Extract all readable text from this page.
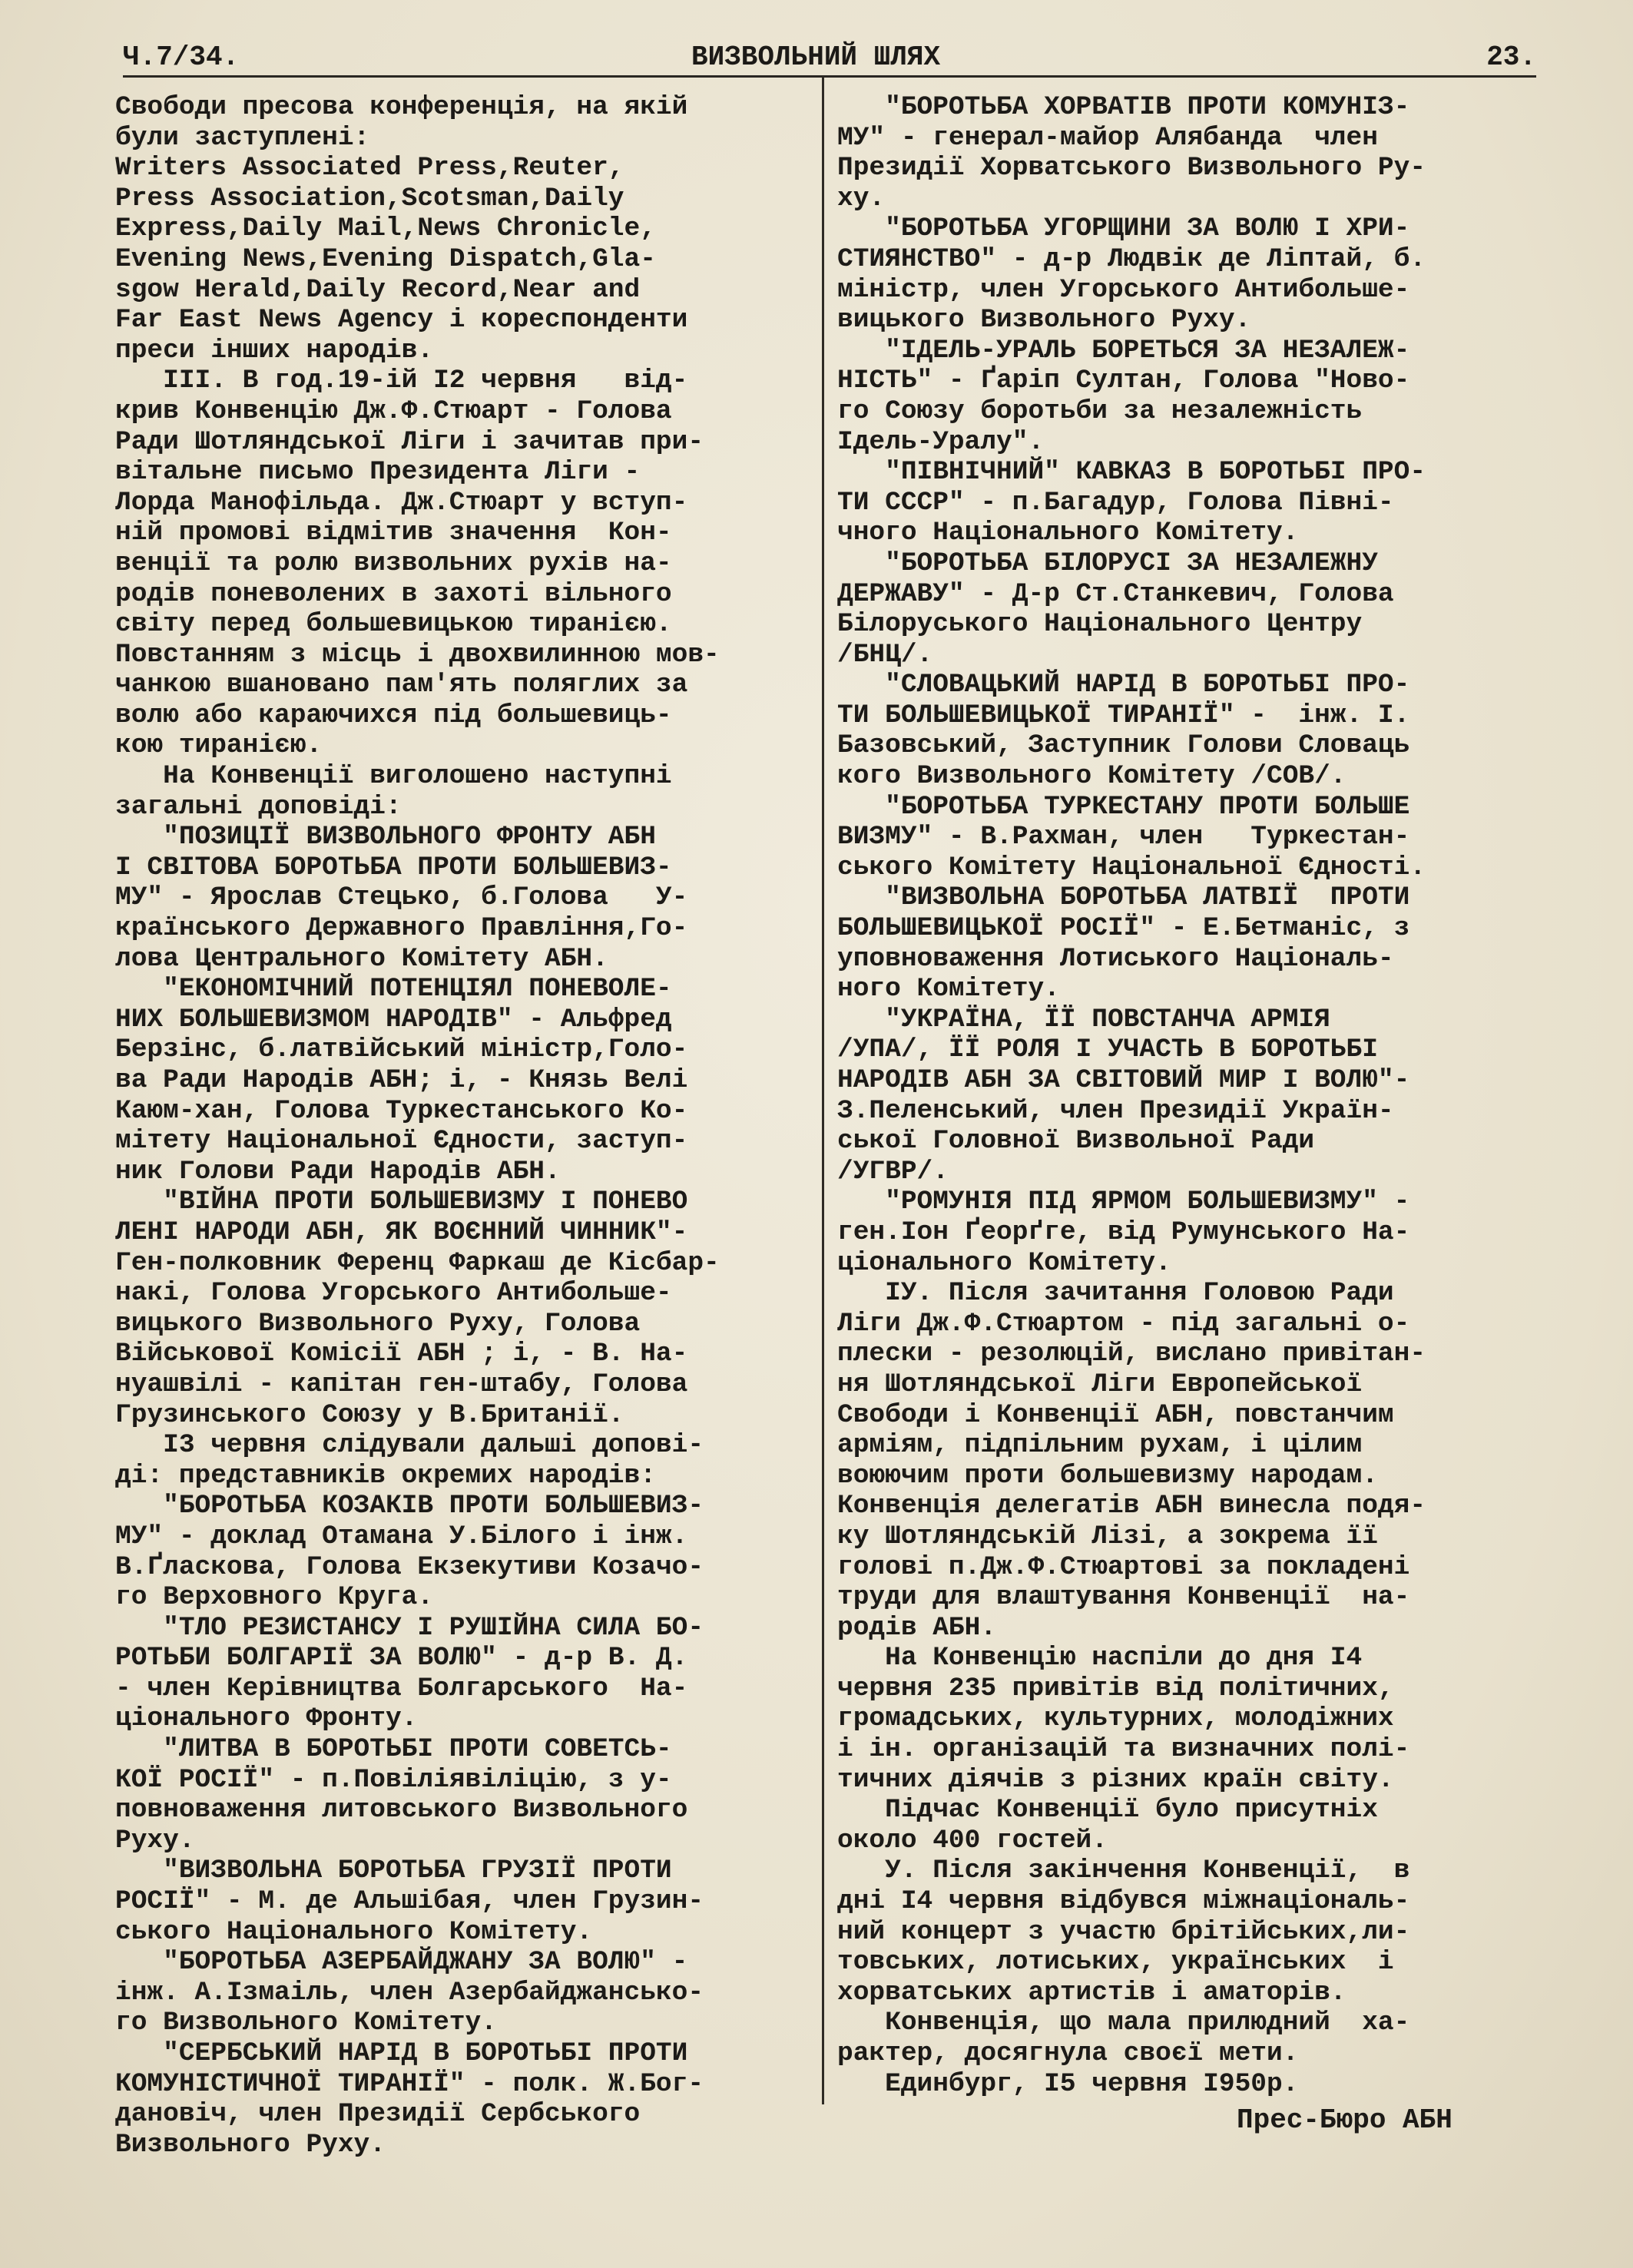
Ч.7/34.	ВИЗВОЛЬНИЙ ШЛЯХ	23.

Свободи пресова конференція, на якій

були заступлені:

Writers Associated Press,Reuter,

Press Association,Scotsman,Daily

Express,Daily Mail,News Chronicle,

Evening News,Evening Dispatch,Gla-

sgow Herald,Daily Record,Near and

Far East News Agency і кореспонденти

преси інших народів.

ІІІ. В год.19-ій І2 червня   від-

крив Конвенцію Дж.Ф.Стюарт - Голова

Ради Шотляндської Ліги і зачитав при-

вітальне письмо Президента Ліги -

Лорда Манофільда. Дж.Стюарт у вступ-

ній промові відмітив значення  Кон-

венції та ролю визвольних рухів на-

родів поневолених в захоті вільного

світу перед большевицькою тиранією.

Повстанням з місць і двохвилинною мов-

чанкою вшановано пам'ять поляглих за

волю або караючихся під большевиць-

кою тиранією.

На Конвенції виголошено наступні

загальні доповіді:

"ПОЗИЦІЇ ВИЗВОЛЬНОГО ФРОНТУ АБН

І СВІТОВА БОРОТЬБА ПРОТИ БОЛЬШЕВИЗ-

МУ" - Ярослав Стецько, б.Голова   У-

країнського Державного Правління,Го-

лова Центрального Комітету АБН.

"ЕКОНОМІЧНИЙ ПОТЕНЦІЯЛ ПОНЕВОЛЕ-

НИХ БОЛЬШЕВИЗМОМ НАРОДІВ" - Альфред

Берзінс, б.латвійський міністр,Голо-

ва Ради Народів АБН; і, - Князь Велі

Каюм-хан, Голова Туркестанського Ко-

мітету Національної Єдности, заступ-

ник Голови Ради Народів АБН.

"ВІЙНА ПРОТИ БОЛЬШЕВИЗМУ І ПОНЕВО

ЛЕНІ НАРОДИ АБН, ЯК ВОЄННИЙ ЧИННИК"-

Ген-полковник Ференц Фаркаш де Кісбар-

накі, Голова Угорського Антибольше-

вицького Визвольного Руху, Голова

Військової Комісії АБН ; і, - В. На-

нуашвілі - капітан ген-штабу, Голова

Грузинського Союзу у В.Британії.

І3 червня слідували дальші допові-

ді: представників окремих народів:

"БОРОТЬБА КОЗАКІВ ПРОТИ БОЛЬШЕВИЗ-

МУ" - доклад Отамана У.Білого і інж.

В.Ґлаcкова, Голова Екзекутиви Козачо-

го Верховного Круга.

"ТЛО РЕЗИСТАНСУ І РУШІЙНА СИЛА БО-

РОТЬБИ БОЛГАРІЇ ЗА ВОЛЮ" - д-р В. Д.

- член Керівництва Болгарського  На-

ціонального Фронту.

"ЛИТВА В БОРОТЬБІ ПРОТИ СОВЕТСЬ-

КОЇ РОСІЇ" - п.Повіліявіліцію, з у-

повноваження литовського Визвольного

Руху.

"ВИЗВОЛЬНА БОРОТЬБА ГРУЗІЇ ПРОТИ

РОСІЇ" - М. де Альшібая, член Грузин-

ського Національного Комітету.

"БОРОТЬБА АЗЕРБАЙДЖАНУ ЗА ВОЛЮ" -

інж. А.Ізмаіль, член Азербайджансько-

го Визвольного Комітету.

"СЕРБСЬКИЙ НАРІД В БОРОТЬБІ ПРОТИ

КОМУНІСТИЧНОЇ ТИРАНІЇ" - полк. Ж.Бог-

дановіч, член Президії Сербського

Визвольного Руху.

"БОРОТЬБА ХОРВАТІВ ПРОТИ КОМУНІЗ-

МУ" - генерал-майор Алябанда  член

Президії Хорватського Визвольного Ру-

ху.

"БОРОТЬБА УГОРЩИНИ ЗА ВОЛЮ І ХРИ-

СТИЯНСТВО" - д-р Людвік де Ліптай, б.

міністр, член Угорського Антибольше-

вицького Визвольного Руху.

"ІДЕЛЬ-УРАЛЬ БОРЕТЬСЯ ЗА НЕЗАЛЕЖ-

НІСТЬ" - Ґаріп Султан, Голова "Ново-

го Союзу боротьби за незалежність

Ідель-Уралу".

"ПІВНІЧНИЙ" КАВКАЗ В БОРОТЬБІ ПРО-

ТИ СССР" - п.Багадур, Голова Півні-

чного Національного Комітету.

"БОРОТЬБА БІЛОРУСІ ЗА НЕЗАЛЕЖНУ

ДЕРЖАВУ" - Д-р Ст.Станкевич, Голова

Білоруського Національного Центру

/БНЦ/.

"СЛОВАЦЬКИЙ НАРІД В БОРОТЬБІ ПРО-

ТИ БОЛЬШЕВИЦЬКОЇ ТИРАНІЇ" -  інж. І.

Базовський, Заступник Голови Словаць

кого Визвольного Комітету /СОВ/.

"БОРОТЬБА ТУРКЕСТАНУ ПРОТИ БОЛЬШЕ

ВИЗМУ" - В.Рахман, член   Туркестан-

ського Комітету Національної Єдності.

"ВИЗВОЛЬНА БОРОТЬБА ЛАТВІЇ  ПРОТИ

БОЛЬШЕВИЦЬКОЇ РОСІЇ" - Е.Бетманіс, з

уповноваження Лотиського Національ-

ного Комітету.

"УКРАЇНА, ЇЇ ПОВСТАНЧА АРМІЯ

/УПА/, ЇЇ РОЛЯ І УЧАСТЬ В БОРОТЬБІ

НАРОДІВ АБН ЗА СВІТОВИЙ МИР І ВОЛЮ"-

З.Пеленський, член Президії Україн-

ської Головної Визвольної Ради

/УГВР/.

"РОМУНІЯ ПІД ЯРМОМ БОЛЬШЕВИЗМУ" -

ген.Іон Ґеорґге, від Румунського На-

ціонального Комітету.

ІУ. Після зачитання Головою Ради

Ліги Дж.Ф.Стюартом - під загальні о-

плески - резолюцій, вислано привітан-

ня Шотляндської Ліги Европейської

Свободи і Конвенції АБН, повстанчим

арміям, підпільним рухам, і цілим

воюючим проти большевизму народам.

Конвенція делегатів АБН винесла подя-

ку Шотляндській Лізі, а зокрема її

голові п.Дж.Ф.Стюартові за покладені

труди для влаштування Конвенції  на-

родів АБН.

На Конвенцію наспіли до дня І4

червня 235 привітів від політичних,

громадських, культурних, молодіжних

і ін. організацій та визначних полі-

тичних діячів з різних країн світу.

Підчас Конвенції було присутніх

около 400 гостей.

У. Після закінчення Конвенції,  в

дні І4 червня відбувся міжнаціональ-

ний концерт з участю брітійських,ли-

товських, лотиських, українських  і

хорватських артистів і аматорів.

Конвенція, що мала прилюдний  ха-

рактер, досягнула своєї мети.

Единбург, І5 червня І950р.

Прес-Бюро АБН
